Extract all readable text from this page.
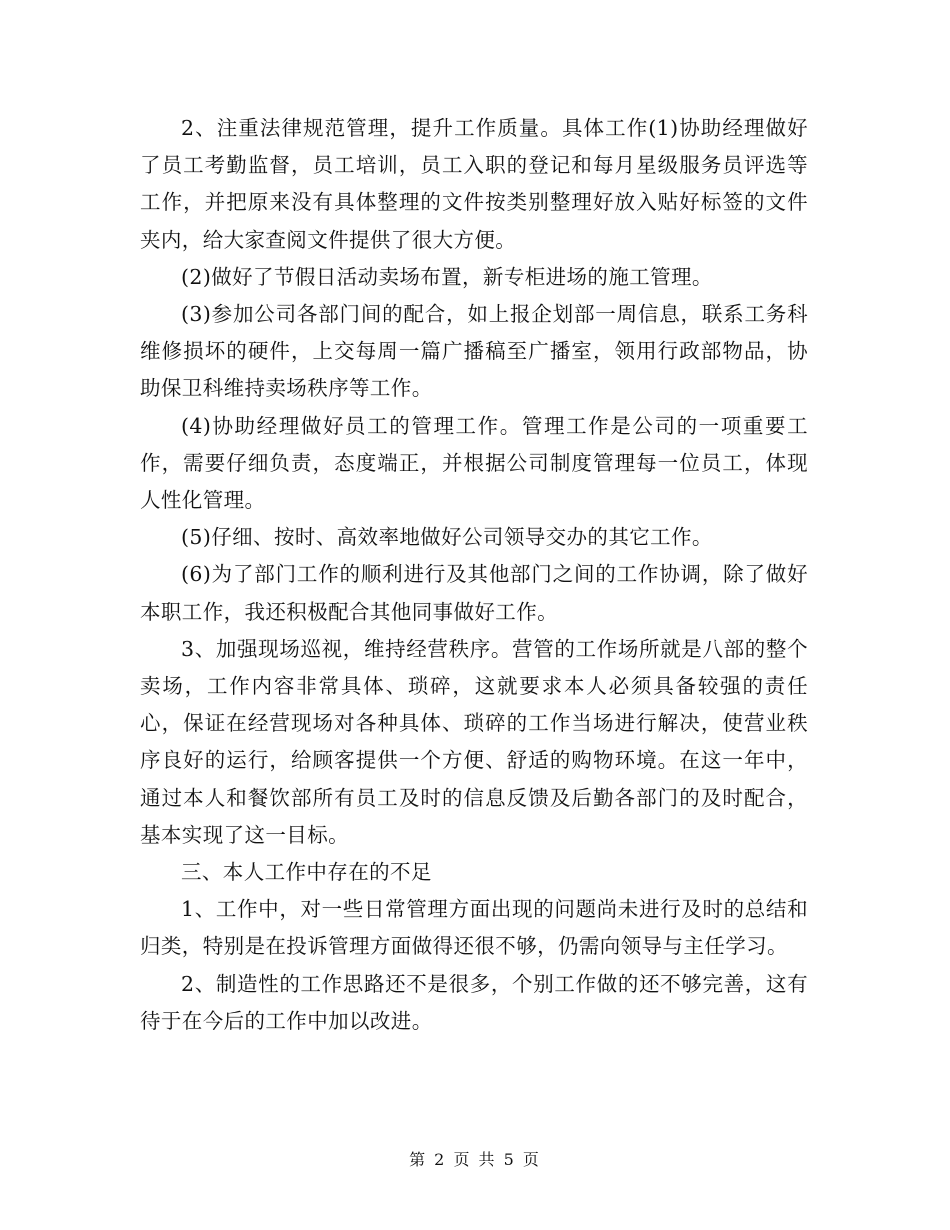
2、注重法律规范管理，提升工作质量。具体工作(1)协助经理做好了员工考勤监督，员工培训，员工入职的登记和每月星级服务员评选等工作，并把原来没有具体整理的文件按类别整理好放入贴好标签的文件夹内，给大家查阅文件提供了很大方便。

(2)做好了节假日活动卖场布置，新专柜进场的施工管理。

(3)参加公司各部门间的配合，如上报企划部一周信息，联系工务科维修损坏的硬件，上交每周一篇广播稿至广播室，领用行政部物品，协助保卫科维持卖场秩序等工作。

(4)协助经理做好员工的管理工作。管理工作是公司的一项重要工作，需要仔细负责，态度端正，并根据公司制度管理每一位员工，体现人性化管理。

(5)仔细、按时、高效率地做好公司领导交办的其它工作。

(6)为了部门工作的顺利进行及其他部门之间的工作协调，除了做好本职工作，我还积极配合其他同事做好工作。

3、加强现场巡视，维持经营秩序。营管的工作场所就是八部的整个卖场，工作内容非常具体、琐碎，这就要求本人必须具备较强的责任心，保证在经营现场对各种具体、琐碎的工作当场进行解决，使营业秩序良好的运行，给顾客提供一个方便、舒适的购物环境。在这一年中，通过本人和餐饮部所有员工及时的信息反馈及后勤各部门的及时配合，基本实现了这一目标。

三、本人工作中存在的不足

1、工作中，对一些日常管理方面出现的问题尚未进行及时的总结和归类，特别是在投诉管理方面做得还很不够，仍需向领导与主任学习。

2、制造性的工作思路还不是很多，个别工作做的还不够完善，这有待于在今后的工作中加以改进。

第 2 页 共 5 页
